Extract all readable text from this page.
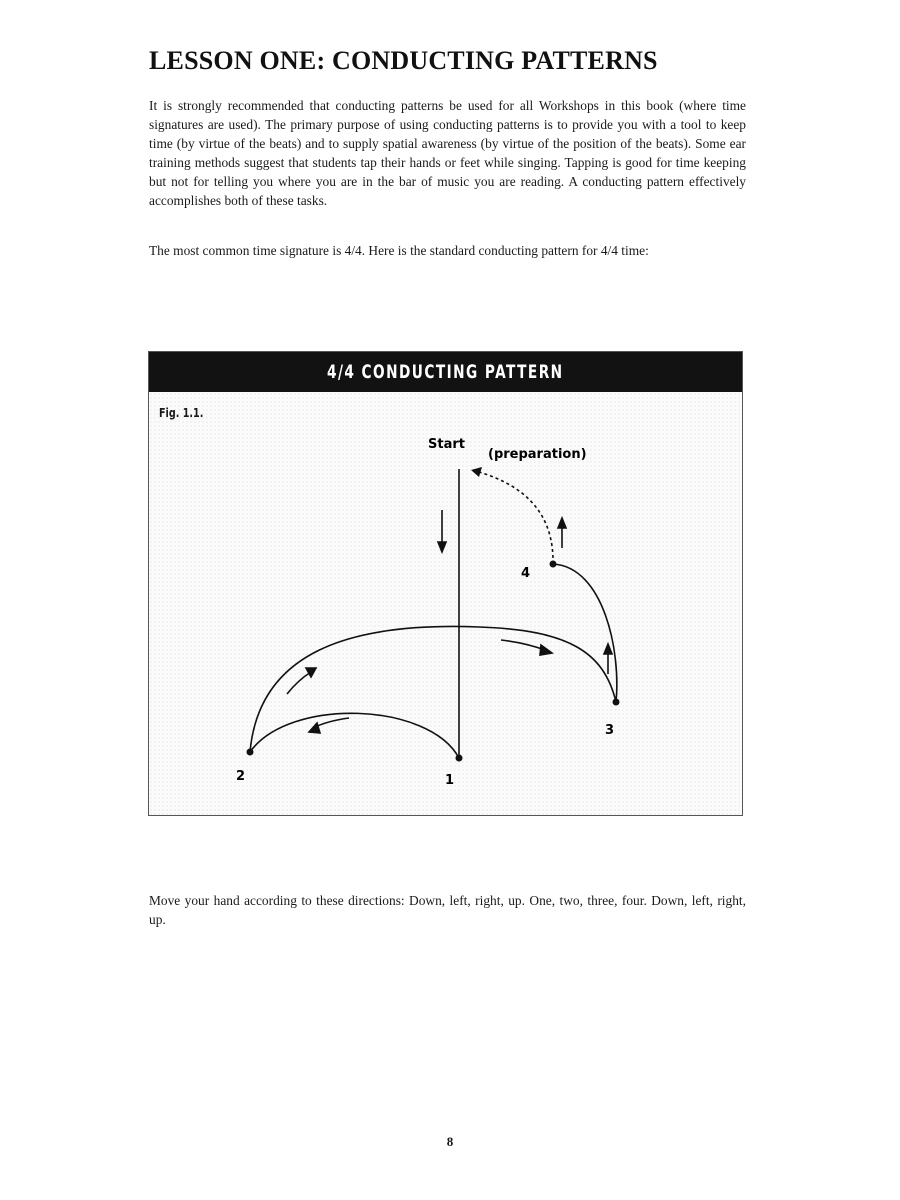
LESSON ONE: CONDUCTING PATTERNS

It is strongly recommended that conducting patterns be used for all Workshops in this book (where time signatures are used). The primary purpose of using conducting patterns is to provide you with a tool to keep time (by virtue of the beats) and to supply spatial awareness (by virtue of the position of the beats). Some ear training methods suggest that students tap their hands or feet while singing. Tapping is good for time keeping but not for telling you where you are in the bar of music you are reading. A conducting pattern effectively accomplishes both of these tasks.

The most common time signature is 4/4. Here is the standard conducting pattern for 4/4 time:

4/4 CONDUCTING PATTERN
Fig. 1.1.
Start
(preparation)
1
2
3
4

Move your hand according to these directions: Down, left, right, up. One, two, three, four. Down, left, right, up.

8
